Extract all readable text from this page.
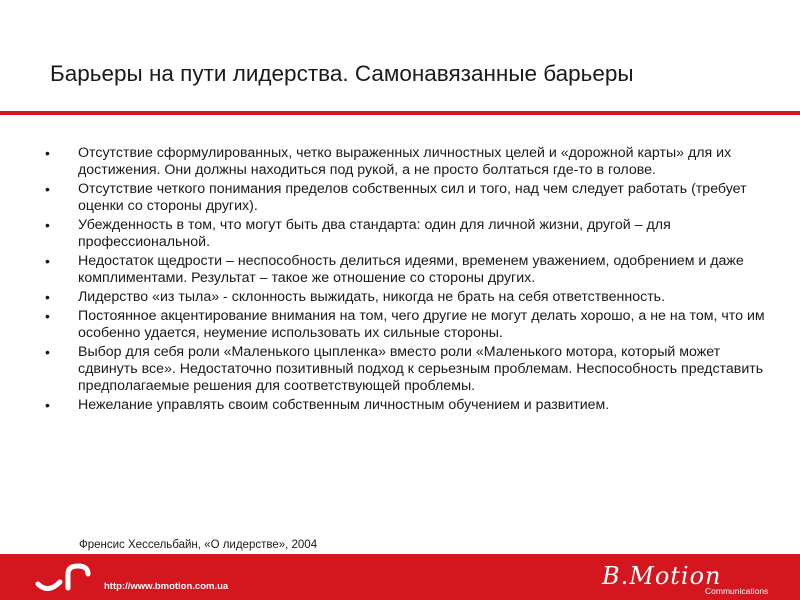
Барьеры на пути лидерства. Самонавязанные барьеры
•	Отсутствие сформулированных, четко выраженных личностных целей и «дорожной карты» для их достижения. Они должны находиться под рукой, а не просто болтаться где-то в голове.
•	Отсутствие четкого понимания пределов собственных сил и того, над чем следует работать (требует оценки со стороны других).
•	Убежденность в том, что могут быть два стандарта: один для личной жизни, другой – для профессиональной.
•	Недостаток щедрости – неспособность делиться идеями, временем уважением, одобрением и даже комплиментами. Результат – такое же отношение со стороны других.
•	Лидерство «из тыла» - склонность выжидать, никогда не брать на себя ответственность.
•	Постоянное акцентирование внимания на том, чего другие не могут делать хорошо, а не на том, что им особенно удается, неумение использовать их сильные стороны.
•	Выбор для себя роли «Маленького цыпленка» вместо роли «Маленького мотора, который может сдвинуть все». Недостаточно позитивный подход к серьезным проблемам. Неспособность представить предполагаемые решения для соответствующей проблемы.
•	Нежелание управлять своим собственным личностным обучением и развитием.
Френсис Хессельбайн, «О лидерстве», 2004
http://www.bmotion.com.ua	B.Motion
Communications
